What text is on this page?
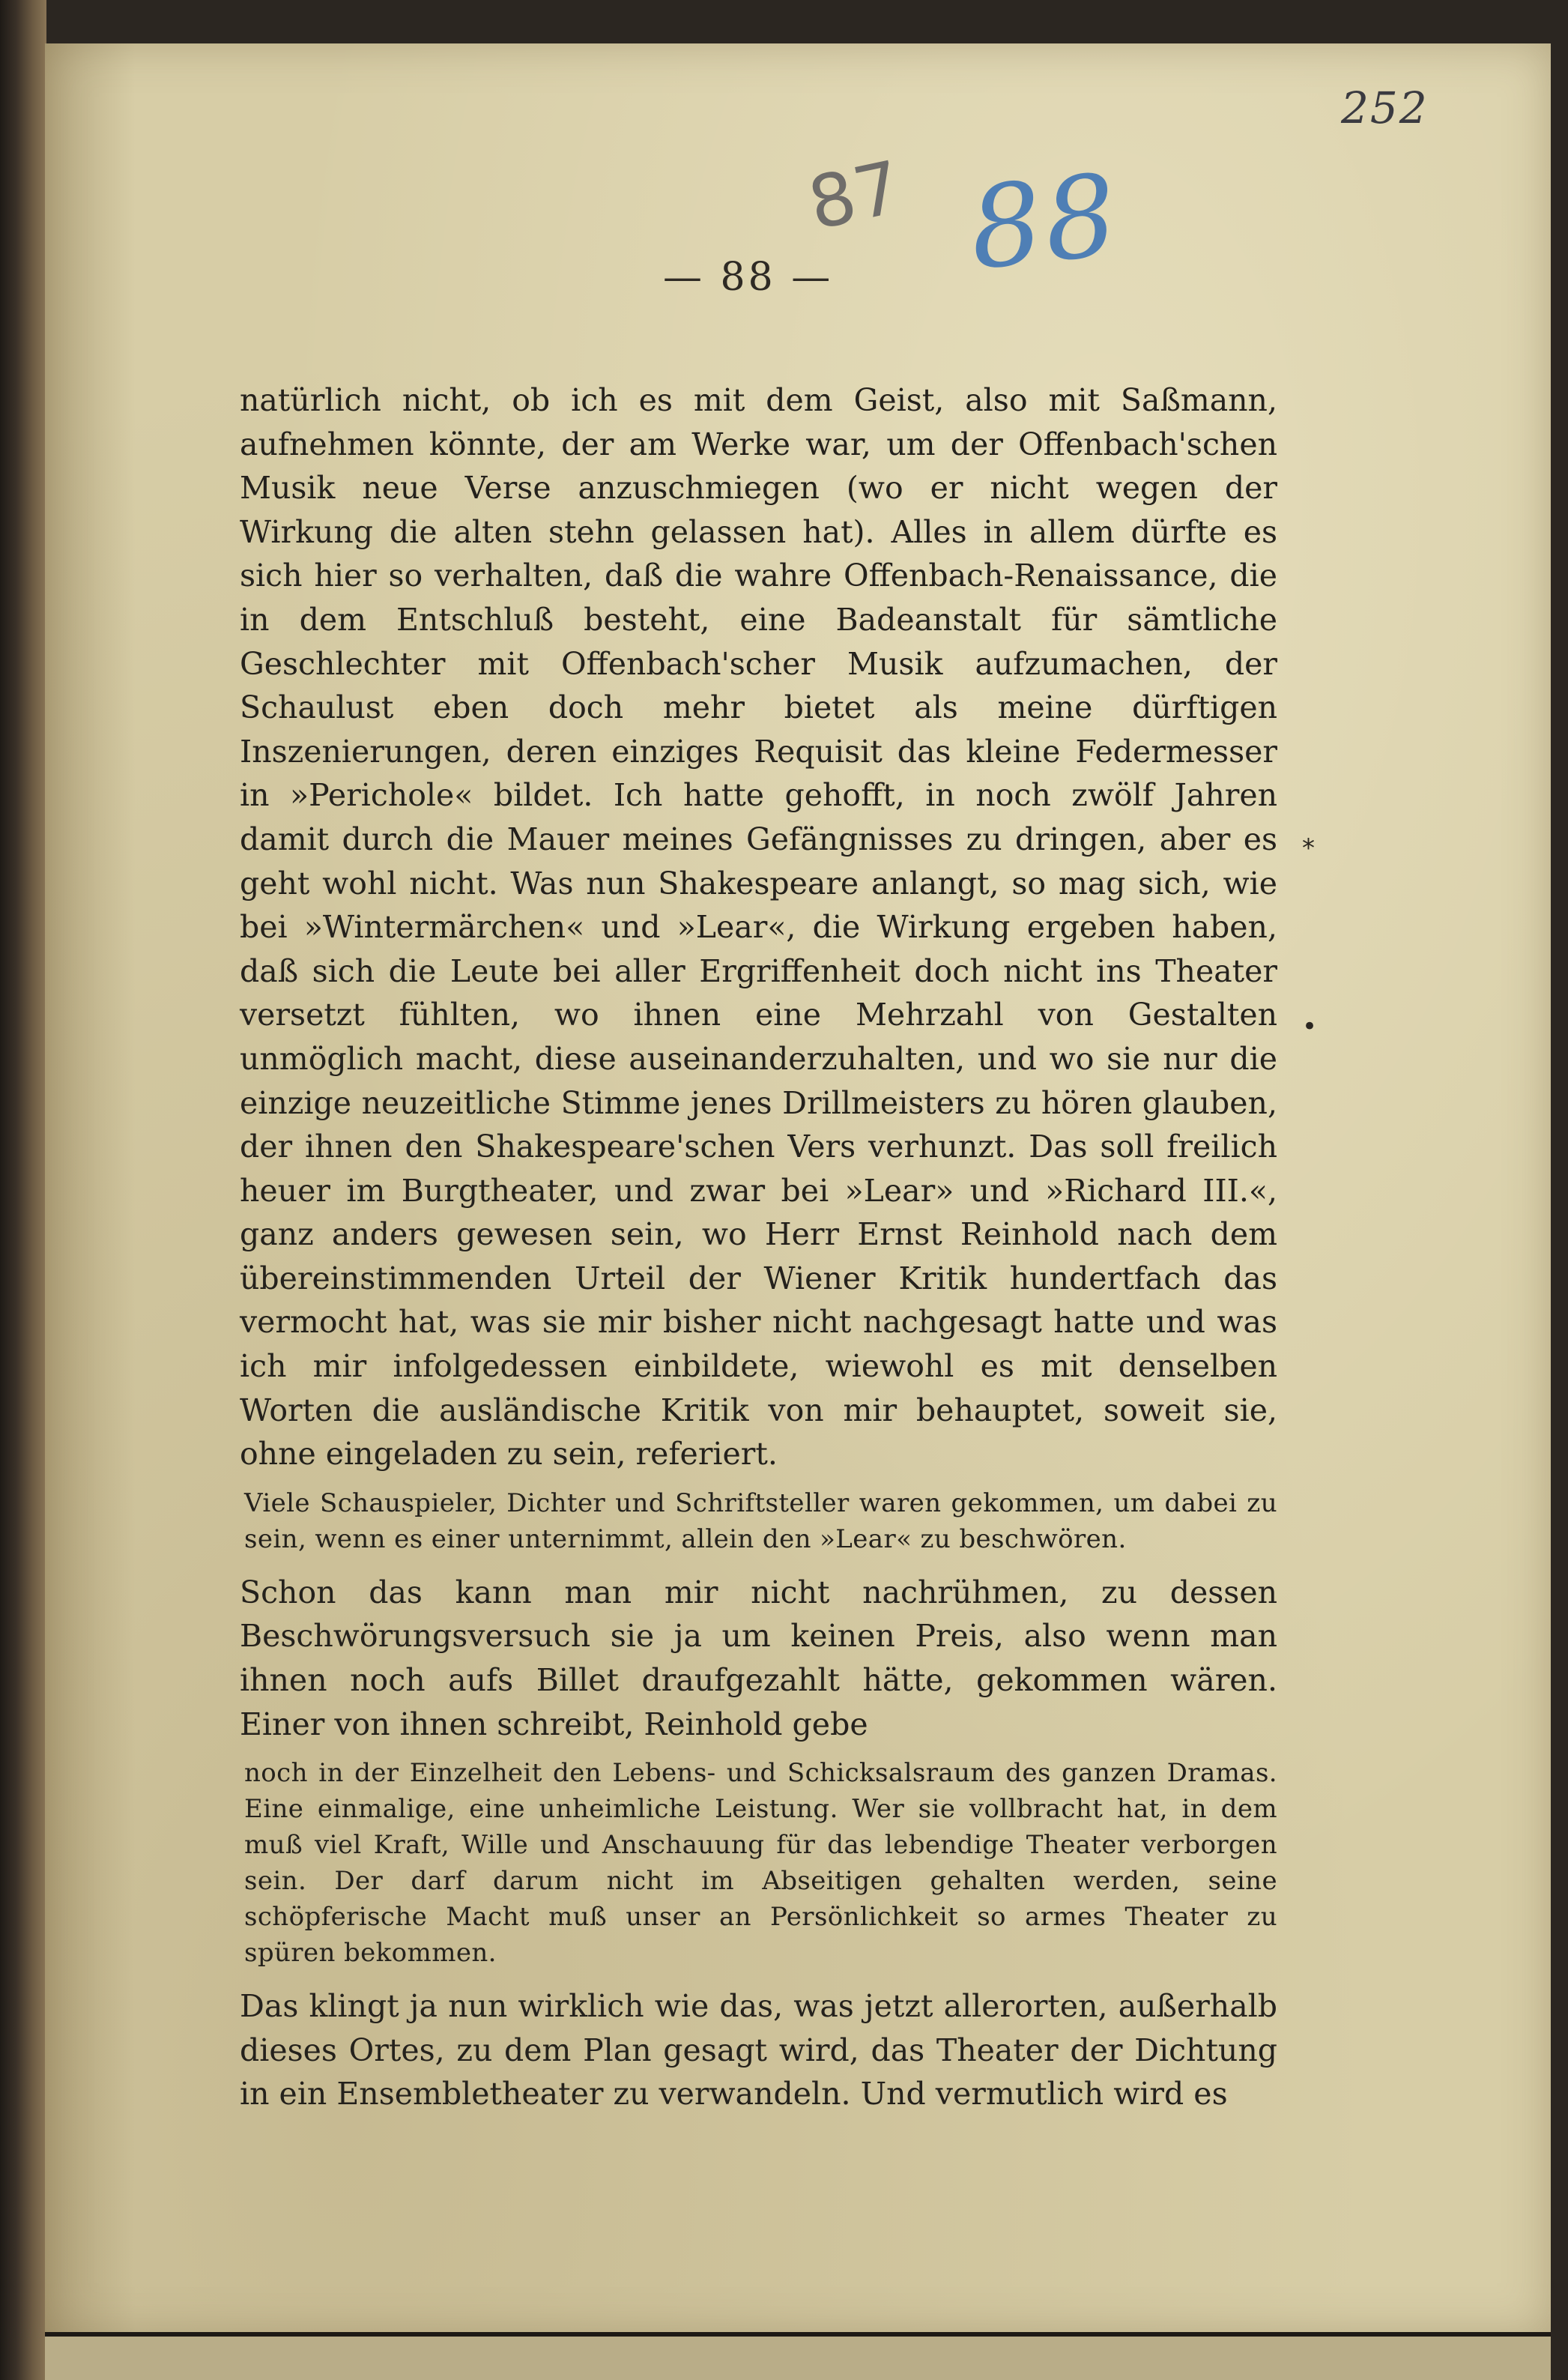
252
87 88
— 88 —

natürlich nicht, ob ich es mit dem Geist, also mit Saßmann, aufnehmen könnte, der am Werke war, um der Offenbach'schen Musik neue Verse anzuschmiegen (wo er nicht wegen der Wirkung die alten stehn gelassen hat). Alles in allem dürfte es sich hier so verhalten, daß die wahre Offenbach-Renaissance, die in dem Entschluß besteht, eine Badeanstalt für sämtliche Geschlechter mit Offenbach'scher Musik aufzumachen, der Schaulust eben doch mehr bietet als meine dürftigen Inszenierungen, deren einziges Requisit das kleine Federmesser in »Perichole« bildet. Ich hatte gehofft, in noch zwölf Jahren damit durch die Mauer meines Gefängnisses zu dringen, aber es geht wohl nicht. Was nun Shakespeare anlangt, so mag sich, wie bei »Wintermärchen« und »Lear«, die Wirkung ergeben haben, daß sich die Leute bei aller Ergriffenheit doch nicht ins Theater versetzt fühlten, wo ihnen eine Mehrzahl von Gestalten unmöglich macht, diese auseinanderzuhalten, und wo sie nur die einzige neuzeitliche Stimme jenes Drillmeisters zu hören glauben, der ihnen den Shakespeare'schen Vers verhunzt. Das soll freilich heuer im Burgtheater, und zwar bei »Lear» und »Richard III.«, ganz anders gewesen sein, wo Herr Ernst Reinhold nach dem übereinstimmenden Urteil der Wiener Kritik hundertfach das vermocht hat, was sie mir bisher nicht nachgesagt hatte und was ich mir infolgedessen einbildete, wiewohl es mit denselben Worten die ausländische Kritik von mir behauptet, soweit sie, ohne eingeladen zu sein, referiert.

Viele Schauspieler, Dichter und Schriftsteller waren gekommen, um dabei zu sein, wenn es einer unternimmt, allein den »Lear« zu beschwören.

Schon das kann man mir nicht nachrühmen, zu dessen Beschwörungsversuch sie ja um keinen Preis, also wenn man ihnen noch aufs Billet draufgezahlt hätte, gekommen wären. Einer von ihnen schreibt, Reinhold gebe

noch in der Einzelheit den Lebens- und Schicksalsraum des ganzen Dramas. Eine einmalige, eine unheimliche Leistung. Wer sie vollbracht hat, in dem muß viel Kraft, Wille und Anschauung für das lebendige Theater verborgen sein. Der darf darum nicht im Abseitigen gehalten werden, seine schöpferische Macht muß unser an Persönlichkeit so armes Theater zu spüren bekommen.

Das klingt ja nun wirklich wie das, was jetzt allerorten, außerhalb dieses Ortes, zu dem Plan gesagt wird, das Theater der Dichtung in ein Ensembletheater zu verwandeln. Und vermutlich wird es

*
•
